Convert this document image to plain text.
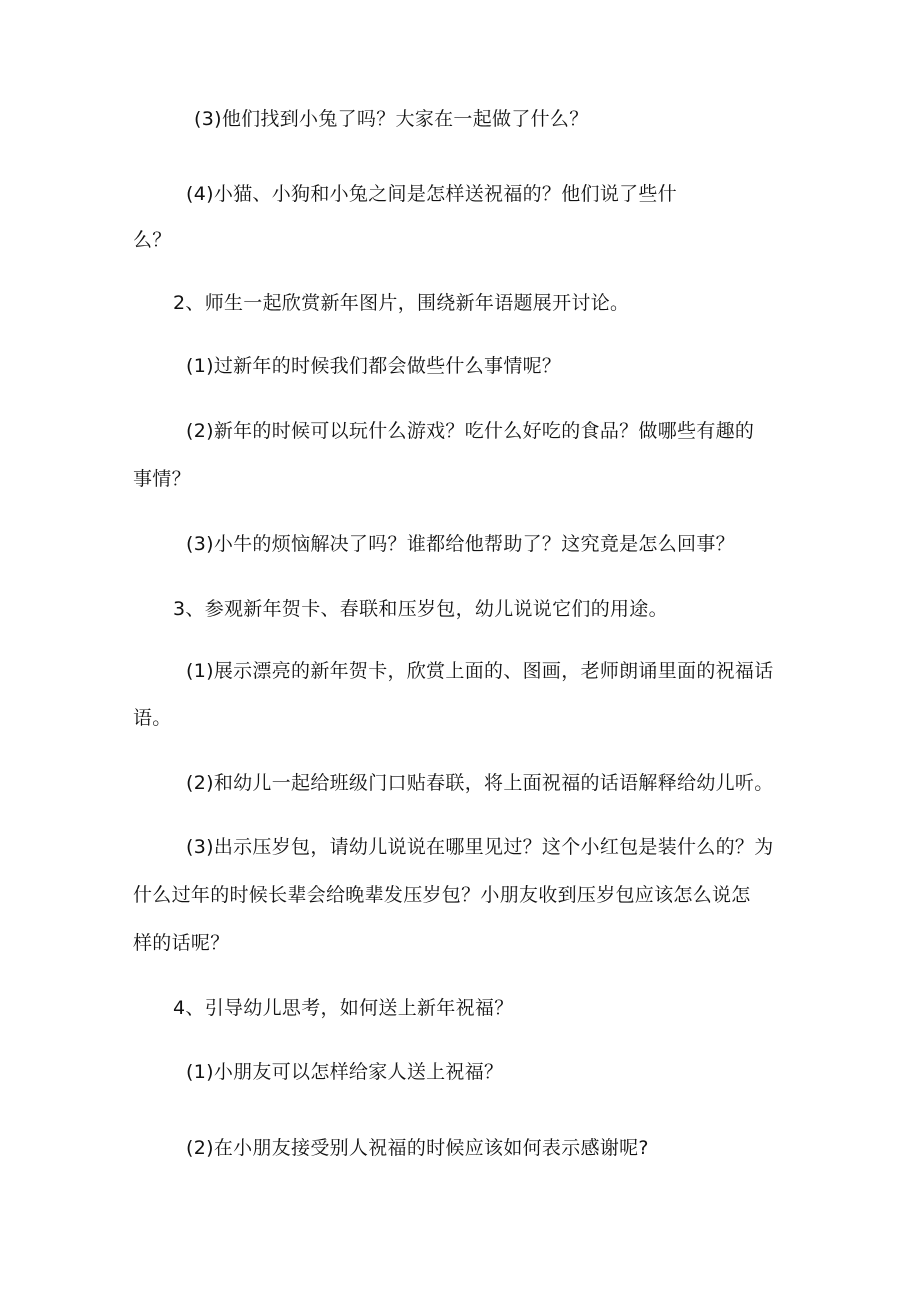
(3)他们找到小兔了吗？大家在一起做了什么？
(4)小猫、小狗和小兔之间是怎样送祝福的？他们说了些什
么？
2、师生一起欣赏新年图片，围绕新年语题展开讨论。
(1)过新年的时候我们都会做些什么事情呢？
(2)新年的时候可以玩什么游戏？吃什么好吃的食品？做哪些有趣的
事情？
(3)小牛的烦恼解决了吗？谁都给他帮助了？这究竟是怎么回事？
3、参观新年贺卡、春联和压岁包，幼儿说说它们的用途。
(1)展示漂亮的新年贺卡，欣赏上面的、图画，老师朗诵里面的祝福话
语。
(2)和幼儿一起给班级门口贴春联，将上面祝福的话语解释给幼儿听。
(3)出示压岁包，请幼儿说说在哪里见过？这个小红包是装什么的？为
什么过年的时候长辈会给晚辈发压岁包？小朋友收到压岁包应该怎么说怎
样的话呢？
4、引导幼儿思考，如何送上新年祝福？
(1)小朋友可以怎样给家人送上祝福？
(2)在小朋友接受别人祝福的时候应该如何表示感谢呢?
